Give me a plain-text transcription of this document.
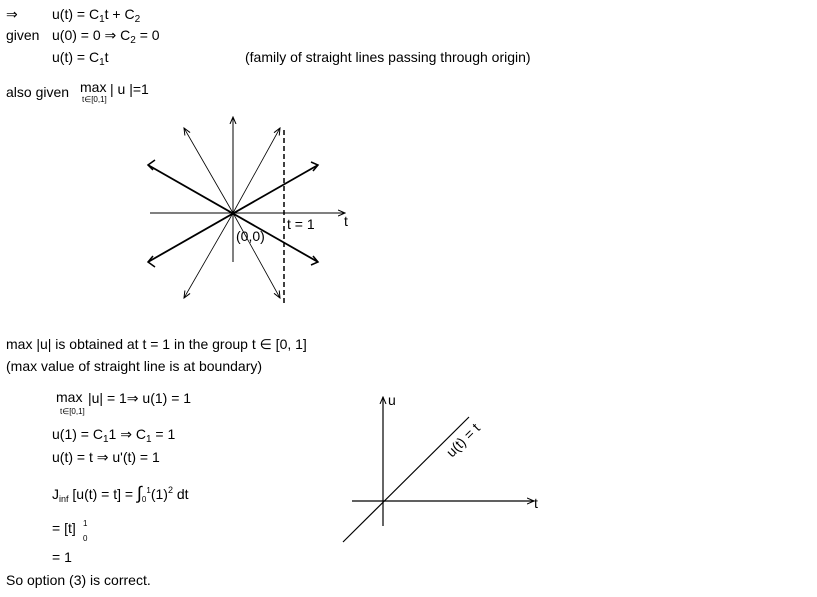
⇒ $u(t) = C_1t + C_2$
given u(0) = 0 ⇒ $C_2 = 0$
$u(t) = C_1t$	(family of straight lines passing through origin)
also given max
t∈[0,1]
| u |=1
(0,0)
t = 1 t
u
t
u(t) = t
max |u| is obtained at t = 1 in the group t ∈ [0, 1]
(max value of straight line is at boundary)
max
t∈[0,1]
|u| = 1⇒ u(1) = 1
$u(1) = C_11$ ⇒ $C_1 = 1$
u(t) = t ⇒ u'(t) = 1
$J_{inf}$ $[u(t) = t] = \int_0^1(1)^2$ dt
= [t] 1
0
= 1
So option (3) is correct.
